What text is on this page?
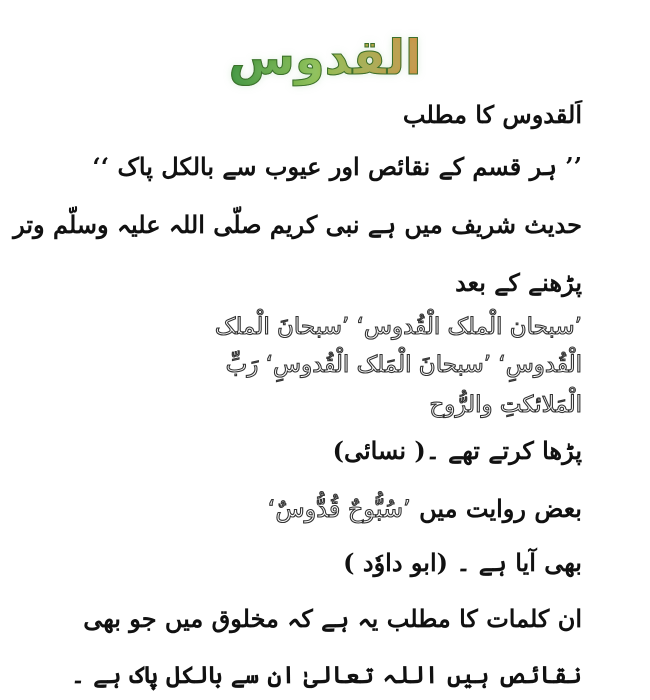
القدوس
اَلقدوس کا مطلب
’’ ہر قسم کے نقائص اور عیوب سے بالکل پاک ‘‘
حدیث شریف میں ہے نبی کریم صلّی اللہ علیہ وسلّم وتر
پڑھنے کے بعد
’سبحان الْملک الْقُدوس‘ ’سبحانَ الْملک
الْقُدوسِ‘ ’سبحانَ الْمَلک الْقُدوسِ‘ رَبِّ
الْمَلائکتِ والرُّوح
پڑھا کرتے تھے ۔( نسائی)
بعض روایت میں ’سُبُّوحٌ قُدُّوسٌ‘
بھی آیا ہے ۔ (ابو داوٗد )
ان کلمات کا مطلب یہ ہے کہ مخلوق میں جو بھی
نقائص ہیں اللہ تعالیٰ ان سے بالکل پاک ہے ۔
